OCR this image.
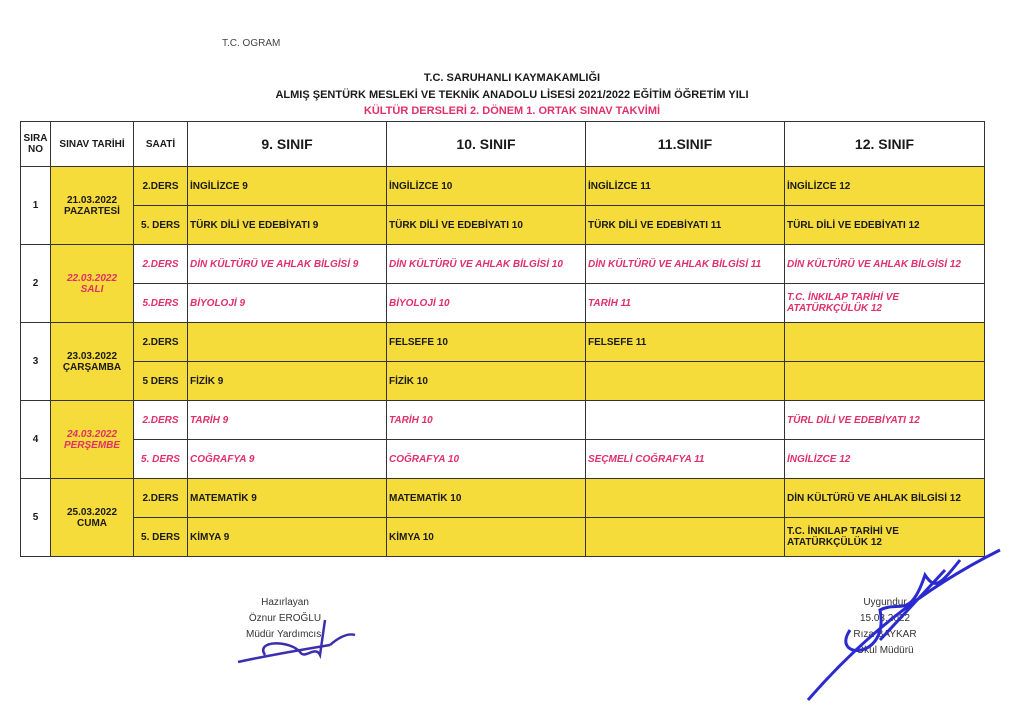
T.C. OGRAM
T.C. SARUHANLI KAYMAKAMLIĞI
ALMIŞ ŞENTÜRK MESLEKİ VE TEKNİK ANADOLU LİSESİ 2021/2022 EĞİTİM ÖĞRETİM YILI
KÜLTÜR DERSLERİ 2. DÖNEM 1. ORTAK SINAV TAKVİMİ
SIRA NO	SINAV TARİHİ	SAATİ	9. SINIF	10. SINIF	11.SINIF	12. SINIF
1	21.03.2022
PAZARTESİ	2.DERS	İNGİLİZCE 9	İNGİLİZCE 10	İNGİLİZCE 11	İNGİLİZCE 12
		5. DERS	TÜRK DİLİ VE EDEBİYATI 9	TÜRK DİLİ VE EDEBİYATI 10	TÜRK DİLİ VE EDEBİYATI 11	TÜRL DİLİ VE EDEBİYATI 12
2	22.03.2022
SALI	2.DERS	DİN KÜLTÜRÜ VE AHLAK BİLGİSİ 9	DİN KÜLTÜRÜ VE AHLAK BİLGİSİ 10	DİN KÜLTÜRÜ VE AHLAK BİLGİSİ 11	DİN KÜLTÜRÜ VE AHLAK BİLGİSİ 12
		5.DERS	BİYOLOJİ 9	BİYOLOJİ 10	TARİH 11	T.C. İNKILAP TARİHİ VE ATATÜRKÇÜLÜK 12
3	23.03.2022
ÇARŞAMBA	2.DERS		FELSEFE 10	FELSEFE 11	
		5 DERS	FİZİK 9	FİZİK 10		
4	24.03.2022
PERŞEMBE	2.DERS	TARİH 9	TARİH 10		TÜRL DİLİ VE EDEBİYATI 12
		5. DERS	COĞRAFYA 9	COĞRAFYA 10	SEÇMELİ COĞRAFYA 11	İNGİLİZCE 12
5	25.03.2022
CUMA	2.DERS	MATEMATİK 9	MATEMATİK 10		DİN KÜLTÜRÜ VE AHLAK BİLGİSİ 12
		5. DERS	KİMYA 9	KİMYA 10		T.C. İNKILAP TARİHİ VE ATATÜRKÇÜLÜK 12
Hazırlayan
Öznur EROĞLU
Müdür Yardımcısı
Uygundur
15.03.2022
Rıza BAYKAR
Okul Müdürü
